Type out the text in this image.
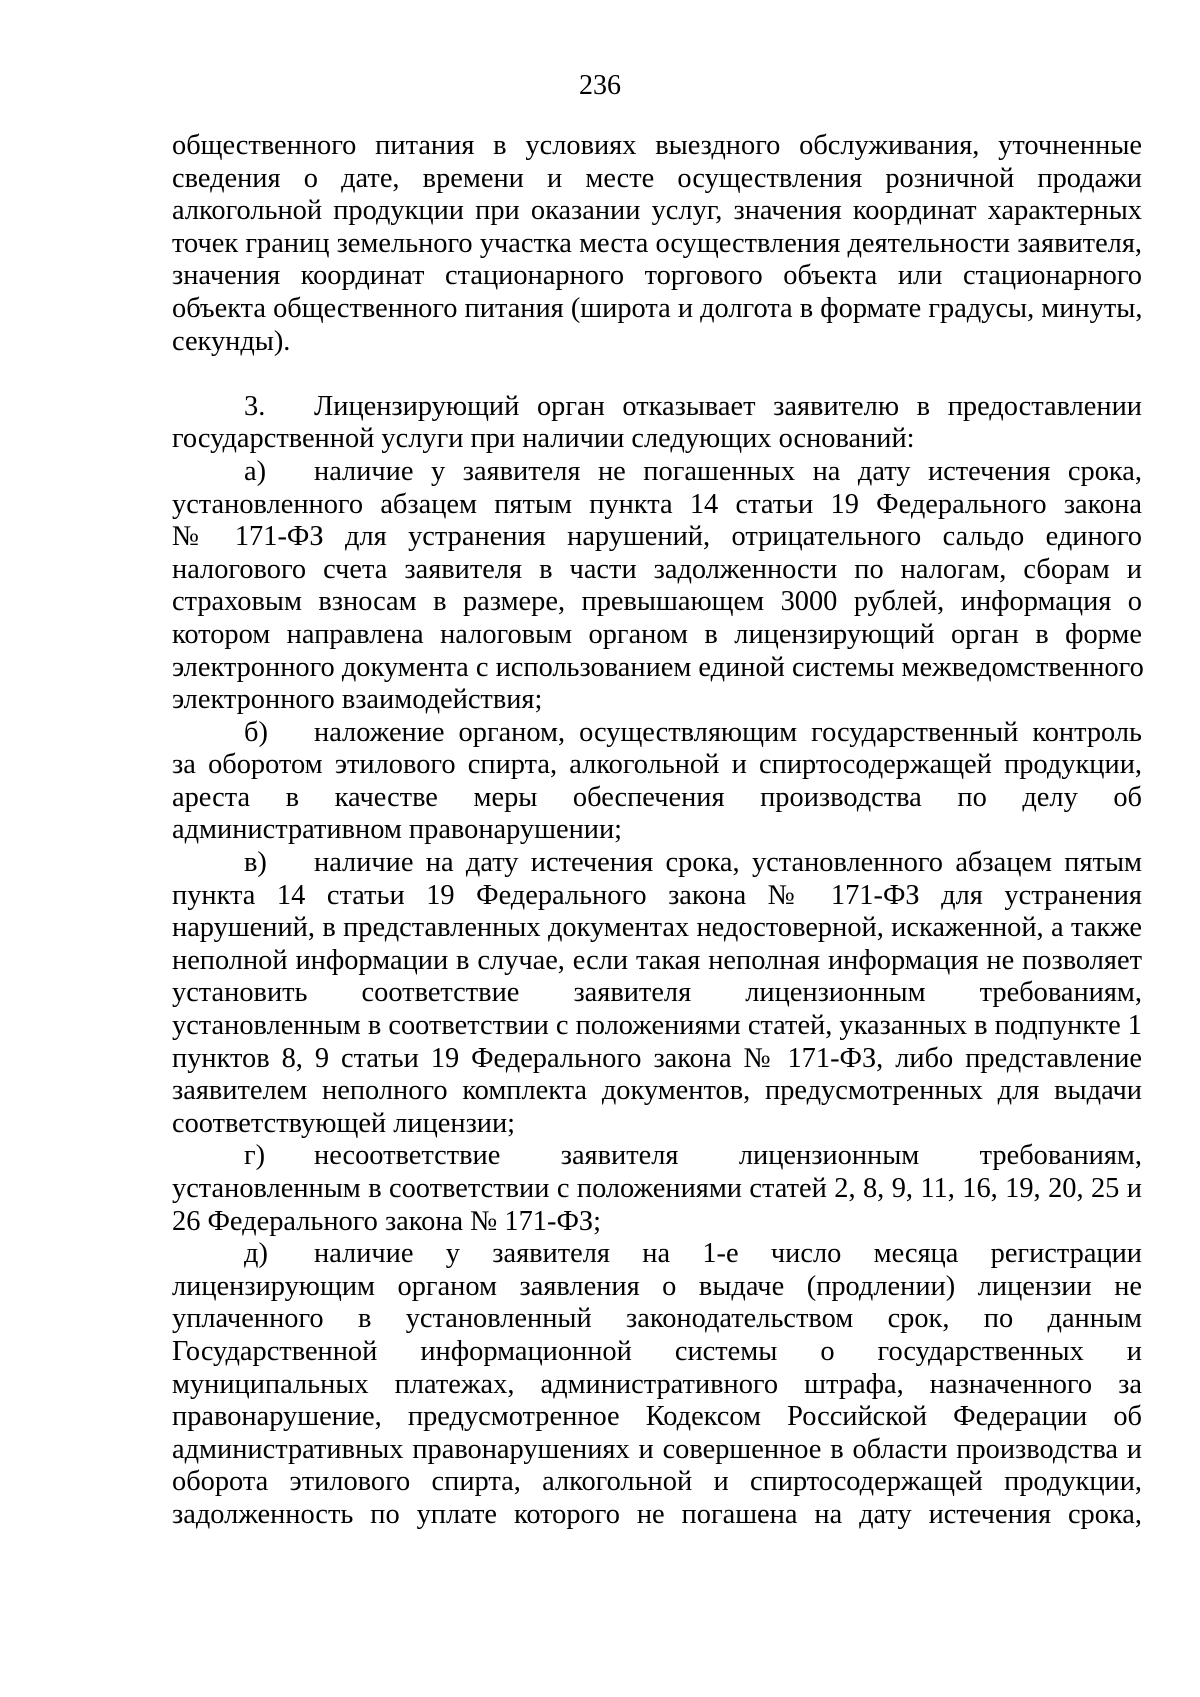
236
общественного питания в условиях выездного обслуживания, уточненные
сведения о дате, времени и месте осуществления розничной продажи
алкогольной продукции при оказании услуг, значения координат характерных
точек границ земельного участка места осуществления деятельности заявителя,
значения координат стационарного торгового объекта или стационарного
объекта общественного питания (широта и долгота в формате градусы, минуты,
секунды).
3. Лицензирующий орган отказывает заявителю в предоставлении
государственной услуги при наличии следующих оснований:
а) наличие у заявителя не погашенных на дату истечения срока,
установленного абзацем пятым пункта 14 статьи 19 Федерального закона
№ 171-ФЗ для устранения нарушений, отрицательного сальдо единого
налогового счета заявителя в части задолженности по налогам, сборам и
страховым взносам в размере, превышающем 3000 рублей, информация о
котором направлена налоговым органом в лицензирующий орган в форме
электронного документа с использованием единой системы межведомственного
электронного взаимодействия;
б) наложение органом, осуществляющим государственный контроль
за оборотом этилового спирта, алкогольной и спиртосодержащей продукции,
ареста в качестве меры обеспечения производства по делу об
административном правонарушении;
в) наличие на дату истечения срока, установленного абзацем пятым
пункта 14 статьи 19 Федерального закона № 171-ФЗ для устранения
нарушений, в представленных документах недостоверной, искаженной, а также
неполной информации в случае, если такая неполная информация не позволяет
установить соответствие заявителя лицензионным требованиям,
установленным в соответствии с положениями статей, указанных в подпункте 1
пунктов 8, 9 статьи 19 Федерального закона № 171-ФЗ, либо представление
заявителем неполного комплекта документов, предусмотренных для выдачи
соответствующей лицензии;
г) несоответствие заявителя лицензионным требованиям,
установленным в соответствии с положениями статей 2, 8, 9, 11, 16, 19, 20, 25 и
26 Федерального закона № 171-ФЗ;
д) наличие у заявителя на 1-е число месяца регистрации
лицензирующим органом заявления о выдаче (продлении) лицензии не
уплаченного в установленный законодательством срок, по данным
Государственной информационной системы о государственных и
муниципальных платежах, административного штрафа, назначенного за
правонарушение, предусмотренное Кодексом Российской Федерации об
административных правонарушениях и совершенное в области производства и
оборота этилового спирта, алкогольной и спиртосодержащей продукции,
задолженность по уплате которого не погашена на дату истечения срока,
